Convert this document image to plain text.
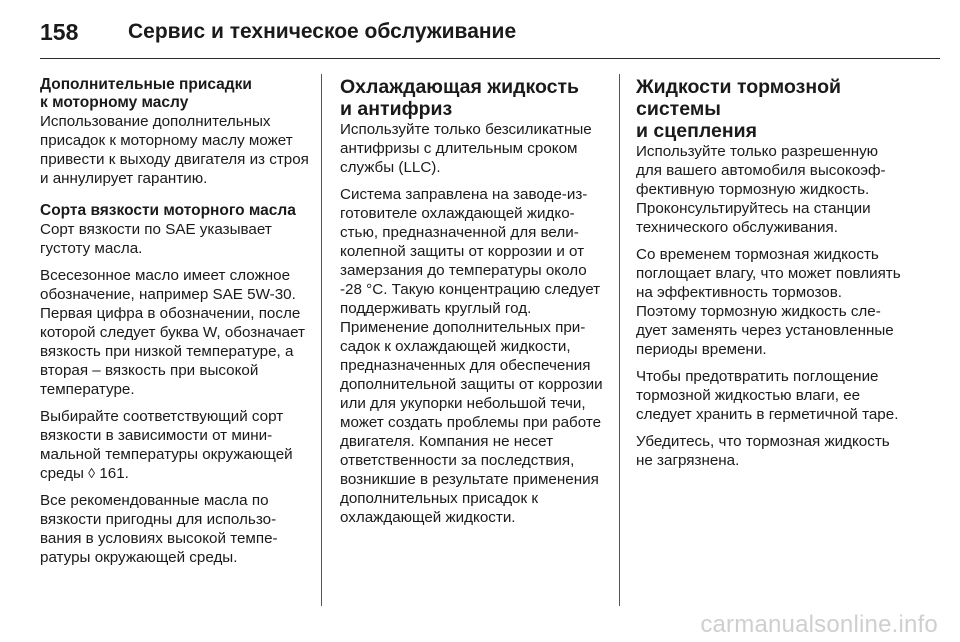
158	Сервис и техническое обслуживание
Дополнительные присадки
к моторному маслу

Использование дополнительных присадок к моторному маслу может привести к выходу двигателя из строя и аннулирует гарантию.

Сорта вязкости моторного масла

Сорт вязкости по SAE указывает густоту масла.

Всесезонное масло имеет сложное обозначение, например SAE 5W-30. Первая цифра в обозначении, после которой следует буква W, обозначает вязкость при низкой температуре, а вторая – вязкость при высокой температуре.

Выбирайте соответствующий сорт вязкости в зависимости от минимальной температуры окружающей среды ◊ 161.

Все рекомендованные масла по вязкости пригодны для использования в условиях высокой температуры окружающей среды.

Охлаждающая жидкость
и антифриз

Используйте только безсиликатные антифризы с длительным сроком службы (LLC).

Система заправлена на заводе-изготовителе охлаждающей жидкостью, предназначенной для великолепной защиты от коррозии и от замерзания до температуры около -28 °C. Такую концентрацию следует поддерживать круглый год. Применение дополнительных присадок к охлаждающей жидкости, предназначенных для обеспечения дополнительной защиты от коррозии или для укупорки небольшой течи, может создать проблемы при работе двигателя. Компания не несет ответственности за последствия, возникшие в результате применения дополнительных присадок к охлаждающей жидкости.

Жидкости тормозной системы
и сцепления

Используйте только разрешенную для вашего автомобиля высокоэффективную тормозную жидкость. Проконсультируйтесь на станции технического обслуживания.

Со временем тормозная жидкость поглощает влагу, что может повлиять на эффективность тормозов. Поэтому тормозную жидкость следует заменять через установленные периоды времени.

Чтобы предотвратить поглощение тормозной жидкостью влаги, ее следует хранить в герметичной таре.

Убедитесь, что тормозная жидкость не загрязнена.

carmanualsonline.info
